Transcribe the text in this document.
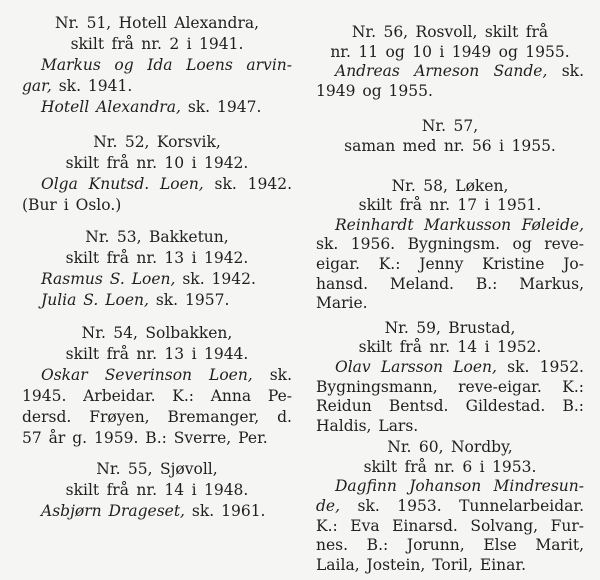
Nr. 51, Hotell Alexandra,
skilt frå nr. 2 i 1941.
Markus og Ida Loens arvin-
gar, sk. 1941.
Hotell Alexandra, sk. 1947.
Nr. 52, Korsvik,
skilt frå nr. 10 i 1942.
Olga Knutsd. Loen, sk. 1942.
(Bur i Oslo.)
Nr. 53, Bakketun,
skilt frå nr. 13 i 1942.
Rasmus S. Loen, sk. 1942.
Julia S. Loen, sk. 1957.
Nr. 54, Solbakken,
skilt frå nr. 13 i 1944.
Oskar Severinson Loen, sk.
1945. Arbeidar. K.: Anna Pe-
dersd. Frøyen, Bremanger, d.
57 år g. 1959. B.: Sverre, Per.
Nr. 55, Sjøvoll,
skilt frå nr. 14 i 1948.
Asbjørn Drageset, sk. 1961.
Nr. 56, Rosvoll, skilt frå
nr. 11 og 10 i 1949 og 1955.
Andreas Arneson Sande, sk.
1949 og 1955.
Nr. 57,
saman med nr. 56 i 1955.
Nr. 58, Løken,
skilt frå nr. 17 i 1951.
Reinhardt Markusson Føleide,
sk. 1956. Bygningsm. og reve-
eigar. K.: Jenny Kristine Jo-
hansd. Meland. B.: Markus,
Marie.
Nr. 59, Brustad,
skilt frå nr. 14 i 1952.
Olav Larsson Loen, sk. 1952.
Bygningsmann, reve-eigar. K.:
Reidun Bentsd. Gildestad. B.:
Haldis, Lars.
Nr. 60, Nordby,
skilt frå nr. 6 i 1953.
Dagfinn Johanson Mindresun-
de, sk. 1953. Tunnelarbeidar.
K.: Eva Einarsd. Solvang, Fur-
nes. B.: Jorunn, Else Marit,
Laila, Jostein, Toril, Einar.
